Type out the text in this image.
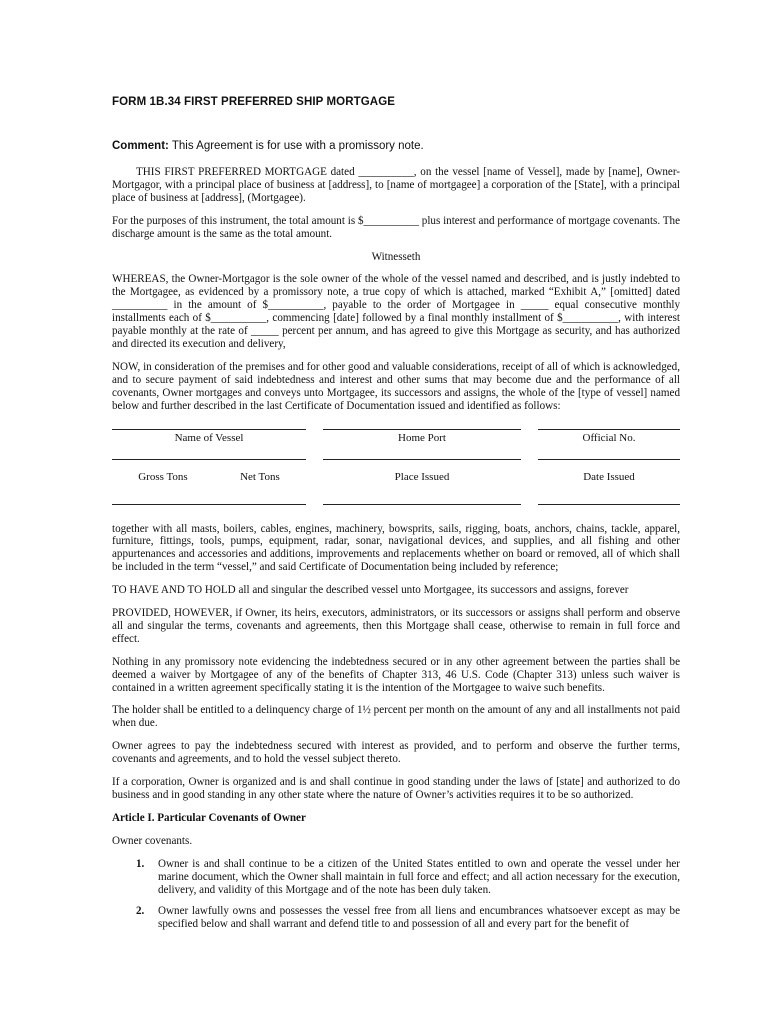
FORM 1B.34 FIRST PREFERRED SHIP MORTGAGE
Comment: This Agreement is for use with a promissory note.

THIS FIRST PREFERRED MORTGAGE dated __________, on the vessel [name of Vessel], made by [name], Owner-Mortgagor, with a principal place of business at [address], to [name of mortgagee] a corporation of the [State], with a principal place of business at [address], (Mortgagee).

For the purposes of this instrument, the total amount is $__________ plus interest and performance of mortgage covenants. The discharge amount is the same as the total amount.

Witnesseth

WHEREAS, the Owner-Mortgagor is the sole owner of the whole of the vessel named and described, and is justly indebted to the Mortgagee, as evidenced by a promissory note, a true copy of which is attached, marked “Exhibit A,” [omitted] dated __________ in the amount of $__________, payable to the order of Mortgagee in _____ equal consecutive monthly installments each of $__________, commencing [date] followed by a final monthly installment of $__________, with interest payable monthly at the rate of _____ percent per annum, and has agreed to give this Mortgage as security, and has authorized and directed its execution and delivery,

NOW, in consideration of the premises and for other good and valuable considerations, receipt of all of which is acknowledged, and to secure payment of said indebtedness and interest and other sums that may become due and the performance of all covenants, Owner mortgages and conveys unto Mortgagee, its successors and assigns, the whole of the [type of vessel] named below and further described in the last Certificate of Documentation issued and identified as follows:

Name of Vessel	Home Port	Official No.
Gross Tons	Net Tons	Place Issued	Date Issued

together with all masts, boilers, cables, engines, machinery, bowsprits, sails, rigging, boats, anchors, chains, tackle, apparel, furniture, fittings, tools, pumps, equipment, radar, sonar, navigational devices, and supplies, and all fishing and other appurtenances and accessories and additions, improvements and replacements whether on board or removed, all of which shall be included in the term “vessel,” and said Certificate of Documentation being included by reference;

TO HAVE AND TO HOLD all and singular the described vessel unto Mortgagee, its successors and assigns, forever

PROVIDED, HOWEVER, if Owner, its heirs, executors, administrators, or its successors or assigns shall perform and observe all and singular the terms, covenants and agreements, then this Mortgage shall cease, otherwise to remain in full force and effect.

Nothing in any promissory note evidencing the indebtedness secured or in any other agreement between the parties shall be deemed a waiver by Mortgagee of any of the benefits of Chapter 313, 46 U.S. Code (Chapter 313) unless such waiver is contained in a written agreement specifically stating it is the intention of the Mortgagee to waive such benefits.

The holder shall be entitled to a delinquency charge of 1½ percent per month on the amount of any and all installments not paid when due.

Owner agrees to pay the indebtedness secured with interest as provided, and to perform and observe the further terms, covenants and agreements, and to hold the vessel subject thereto.

If a corporation, Owner is organized and is and shall continue in good standing under the laws of [state] and authorized to do business and in good standing in any other state where the nature of Owner’s activities requires it to be so authorized.

Article I. Particular Covenants of Owner

Owner covenants.

1. Owner is and shall continue to be a citizen of the United States entitled to own and operate the vessel under her marine document, which the Owner shall maintain in full force and effect; and all action necessary for the execution, delivery, and validity of this Mortgage and of the note has been duly taken.
2. Owner lawfully owns and possesses the vessel free from all liens and encumbrances whatsoever except as may be specified below and shall warrant and defend title to and possession of all and every part for the benefit of
